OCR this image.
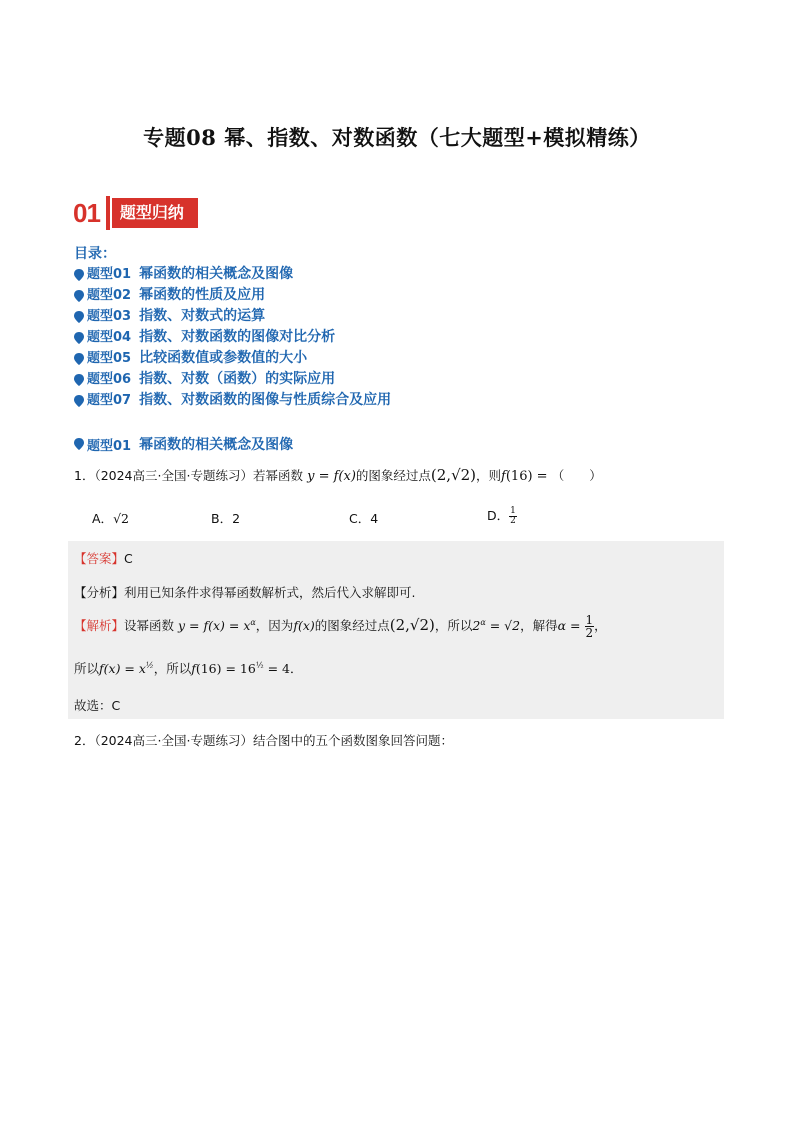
专题08 幂、指数、对数函数（七大题型+模拟精练）
01	题型归纳
目录：
题型01 幂函数的相关概念及图像
题型02 幂函数的性质及应用
题型03 指数、对数式的运算
题型04 指数、对数函数的图像对比分析
题型05 比较函数值或参数值的大小
题型06 指数、对数（函数）的实际应用
题型07 指数、对数函数的图像与性质综合及应用
题型01 幂函数的相关概念及图像
1．（2024高三·全国·专题练习）若幂函数 y = f(x)的图象经过点(2,√2)，则f(16) = （　　）
A．√2	B．2	C．4	D． $\frac{1}{2}$
【答案】C
【分析】利用已知条件求得幂函数解析式，然后代入求解即可.
【解析】设幂函数 $y = f(x) = x^\alpha$，因为f(x)的图象经过点(2,√2)，所以$2^\alpha = √2$，解得$\alpha = \frac{1}{2}$ ，
所以$f(x) = x^{\frac{1}{2}}$，所以$f(16) = 16^{\frac{1}{2}} = 4$．
故选：C
2．（2024高三·全国·专题练习）结合图中的五个函数图象回答问题：
